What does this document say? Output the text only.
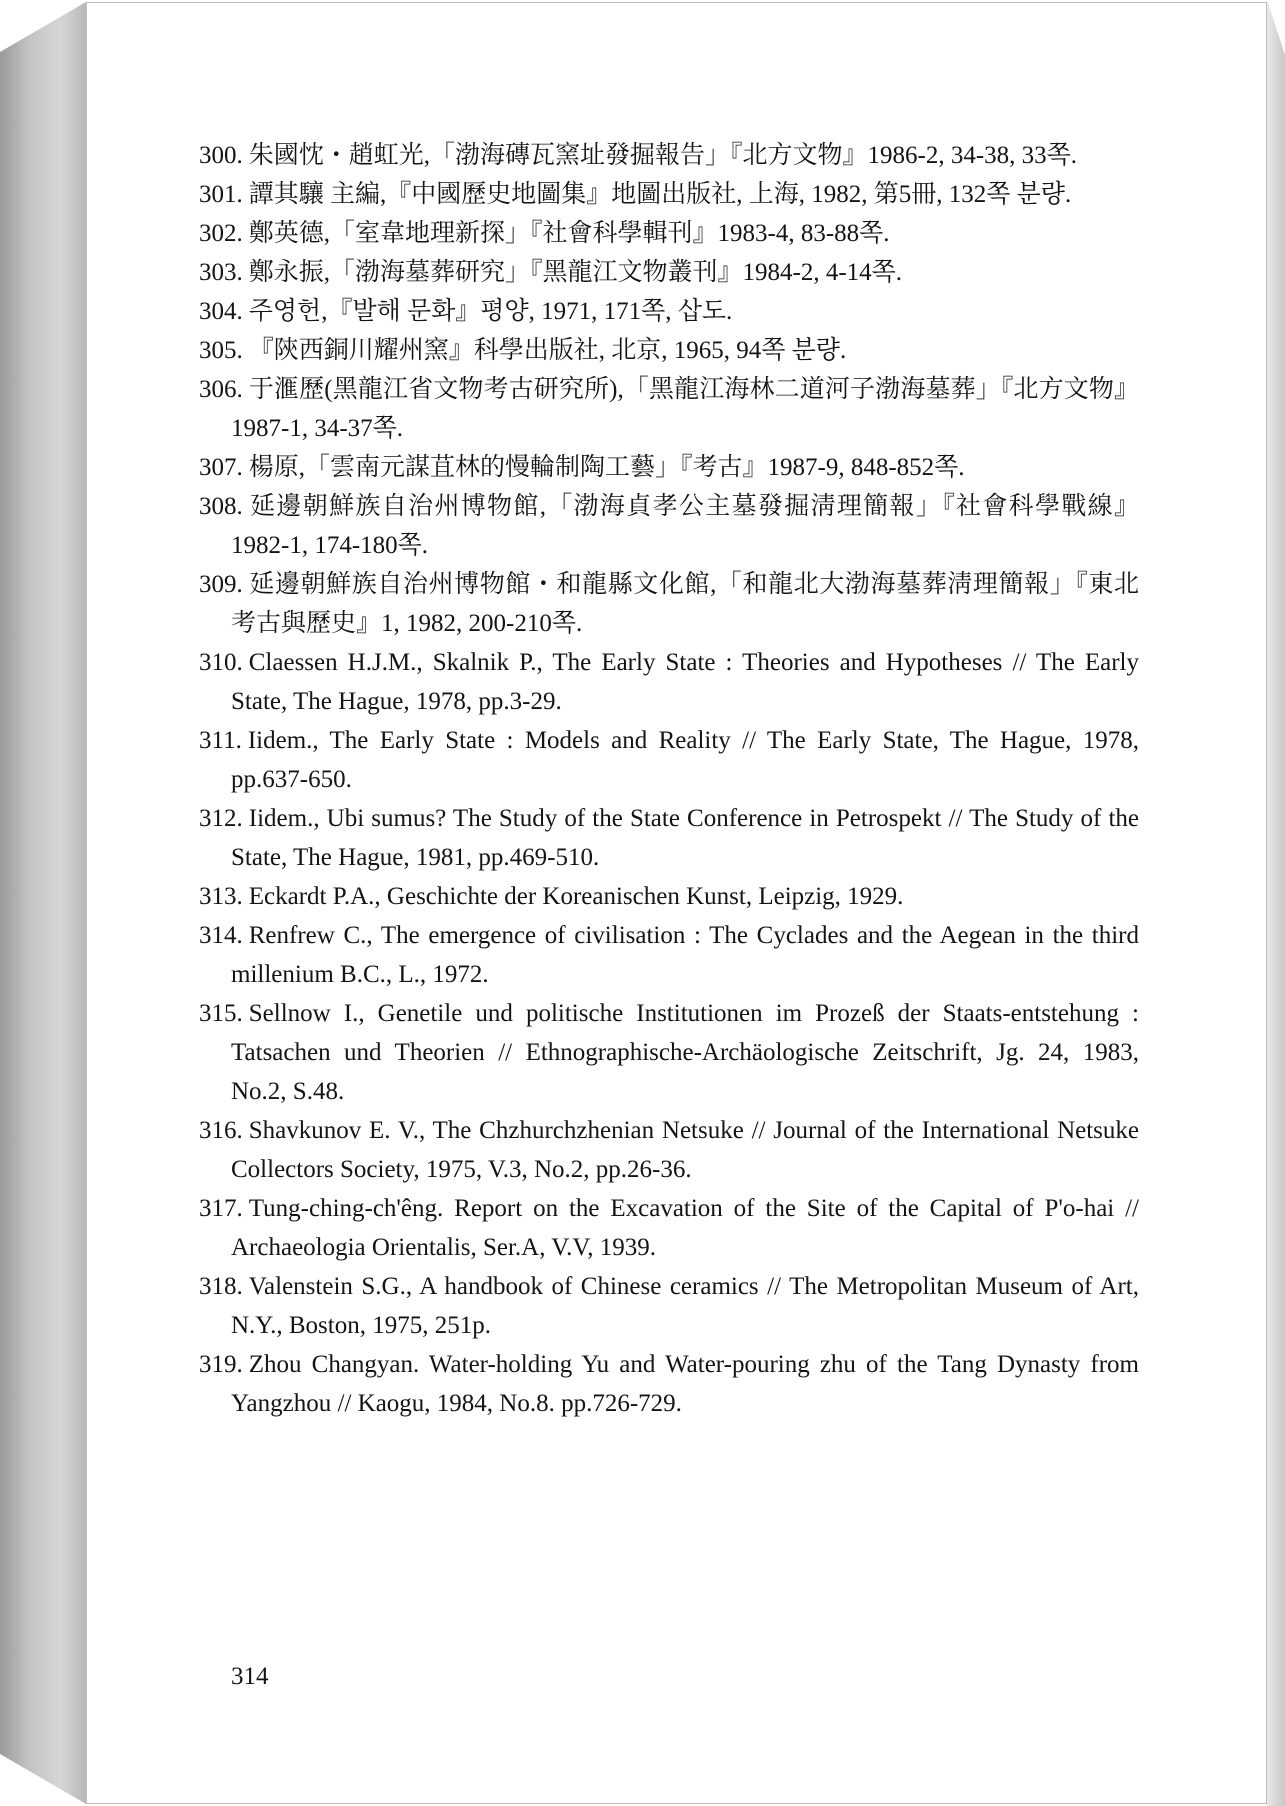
300. 朱國忱・趙虹光,「渤海磚瓦窯址發掘報告」『北方文物』1986-2, 34-38, 33쪽.
301. 譚其驤 主編,『中國歷史地圖集』地圖出版社, 上海, 1982, 第5冊, 132쪽 분량.
302. 鄭英德,「室韋地理新探」『社會科學輯刊』1983-4, 83-88쪽.
303. 鄭永振,「渤海墓葬研究」『黑龍江文物叢刊』1984-2, 4-14쪽.
304. 주영헌,『발해 문화』평양, 1971, 171쪽, 삽도.
305. 『陝西銅川耀州窯』科學出版社, 北京, 1965, 94쪽 분량.
306. 于滙歷(黑龍江省文物考古研究所),「黑龍江海林二道河子渤海墓葬」『北方文物』1987-1, 34-37쪽.
307. 楊原,「雲南元謀苴林的慢輪制陶工藝」『考古』1987-9, 848-852쪽.
308. 延邊朝鮮族自治州博物館,「渤海貞孝公主墓發掘淸理簡報」『社會科學戰線』1982-1, 174-180쪽.
309. 延邊朝鮮族自治州博物館・和龍縣文化館,「和龍北大渤海墓葬淸理簡報」『東北考古與歷史』1, 1982, 200-210쪽.
310. Claessen H.J.M., Skalnik P., The Early State : Theories and Hypotheses // The Early State, The Hague, 1978, pp.3-29.
311. Iidem., The Early State : Models and Reality // The Early State, The Hague, 1978, pp.637-650.
312. Iidem., Ubi sumus? The Study of the State Conference in Petrospekt // The Study of the State, The Hague, 1981, pp.469-510.
313. Eckardt P.A., Geschichte der Koreanischen Kunst, Leipzig, 1929.
314. Renfrew C., The emergence of civilisation : The Cyclades and the Aegean in the third millenium B.C., L., 1972.
315. Sellnow I., Genetile und politische Institutionen im Prozeß der Staats-entstehung : Tatsachen und Theorien // Ethnographische-Archäologische Zeitschrift, Jg. 24, 1983, No.2, S.48.
316. Shavkunov E. V., The Chzhurchzhenian Netsuke // Journal of the International Netsuke Collectors Society, 1975, V.3, No.2, pp.26-36.
317. Tung-ching-ch'êng. Report on the Excavation of the Site of the Capital of P'o-hai // Archaeologia Orientalis, Ser.A, V.V, 1939.
318. Valenstein S.G., A handbook of Chinese ceramics // The Metropolitan Museum of Art, N.Y., Boston, 1975, 251p.
319. Zhou Changyan. Water-holding Yu and Water-pouring zhu of the Tang Dynasty from Yangzhou // Kaogu, 1984, No.8. pp.726-729.
314
